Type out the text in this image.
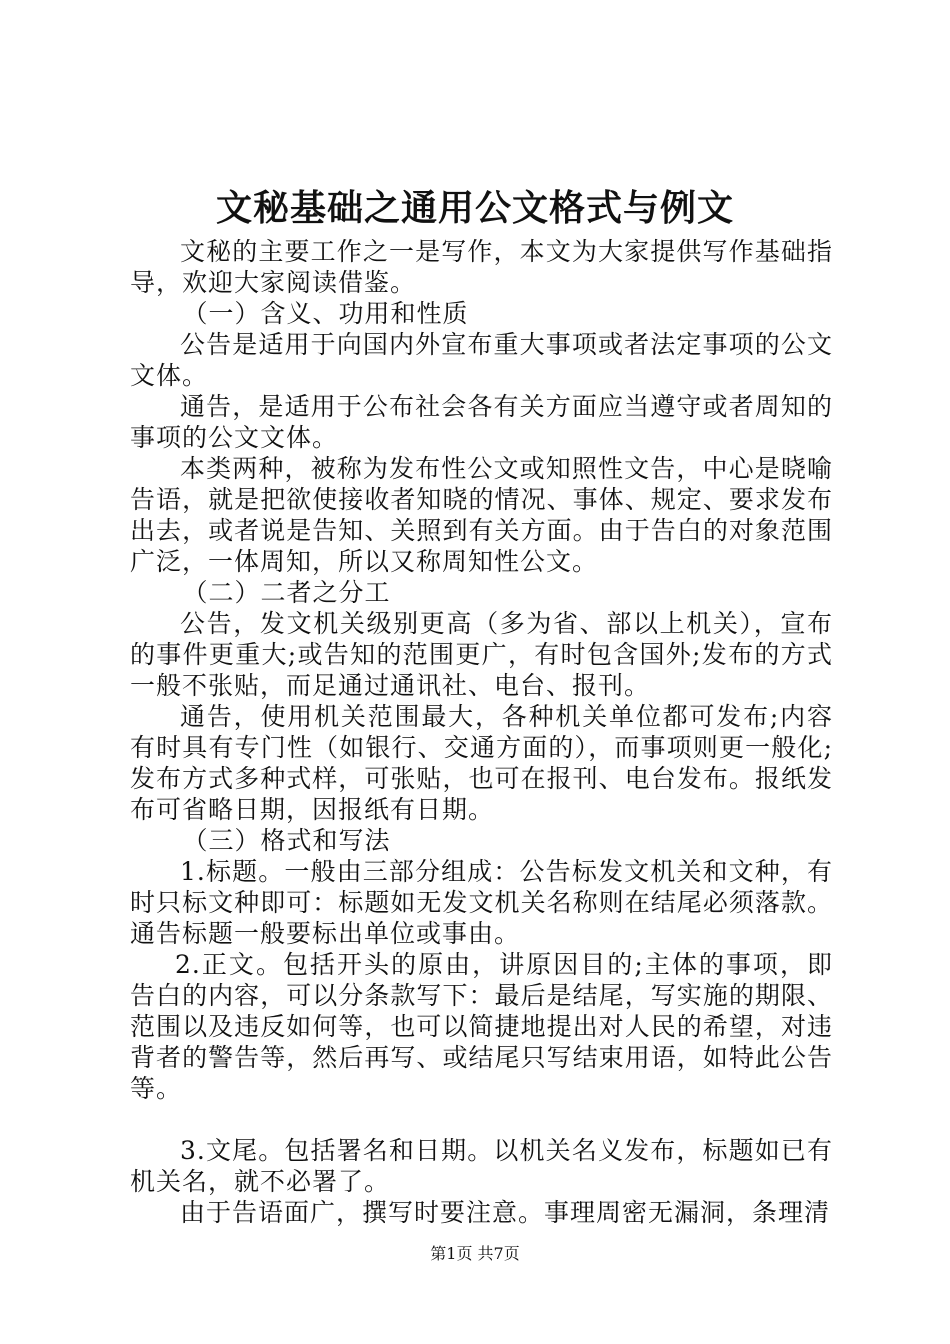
文秘基础之通用公文格式与例文

文秘的主要工作之一是写作，本文为大家提供写作基础指导，欢迎大家阅读借鉴。

（一）含义、功用和性质

公告是适用于向国内外宣布重大事项或者法定事项的公文文体。

通告，是适用于公布社会各有关方面应当遵守或者周知的事项的公文文体。

本类两种，被称为发布性公文或知照性文告，中心是晓喻告语，就是把欲使接收者知晓的情况、事体、规定、要求发布出去，或者说是告知、关照到有关方面。由于告白的对象范围广泛，一体周知，所以又称周知性公文。

（二）二者之分工

公告，发文机关级别更高（多为省、部以上机关），宣布的事件更重大;或告知的范围更广，有时包含国外;发布的方式一般不张贴，而足通过通讯社、电台、报刊。

通告，使用机关范围最大，各种机关单位都可发布;内容有时具有专门性（如银行、交通方面的），而事项则更一般化;发布方式多种式样，可张贴，也可在报刊、电台发布。报纸发布可省略日期，因报纸有日期。

（三）格式和写法

1.标题。一般由三部分组成：公告标发文机关和文种，有时只标文种即可：标题如无发文机关名称则在结尾必须落款。通告标题一般要标出单位或事由。

2.正文。包括开头的原由，讲原因目的;主体的事项，即告白的内容，可以分条款写下：最后是结尾，写实施的期限、范围以及违反如何等，也可以简捷地提出对人民的希望，对违背者的警告等，然后再写、或结尾只写结束用语，如特此公告等。

3.文尾。包括署名和日期。以机关名义发布，标题如已有机关名，就不必署了。

由于告语面广，撰写时要注意。事理周密无漏洞，条理清

第1页 共7页
